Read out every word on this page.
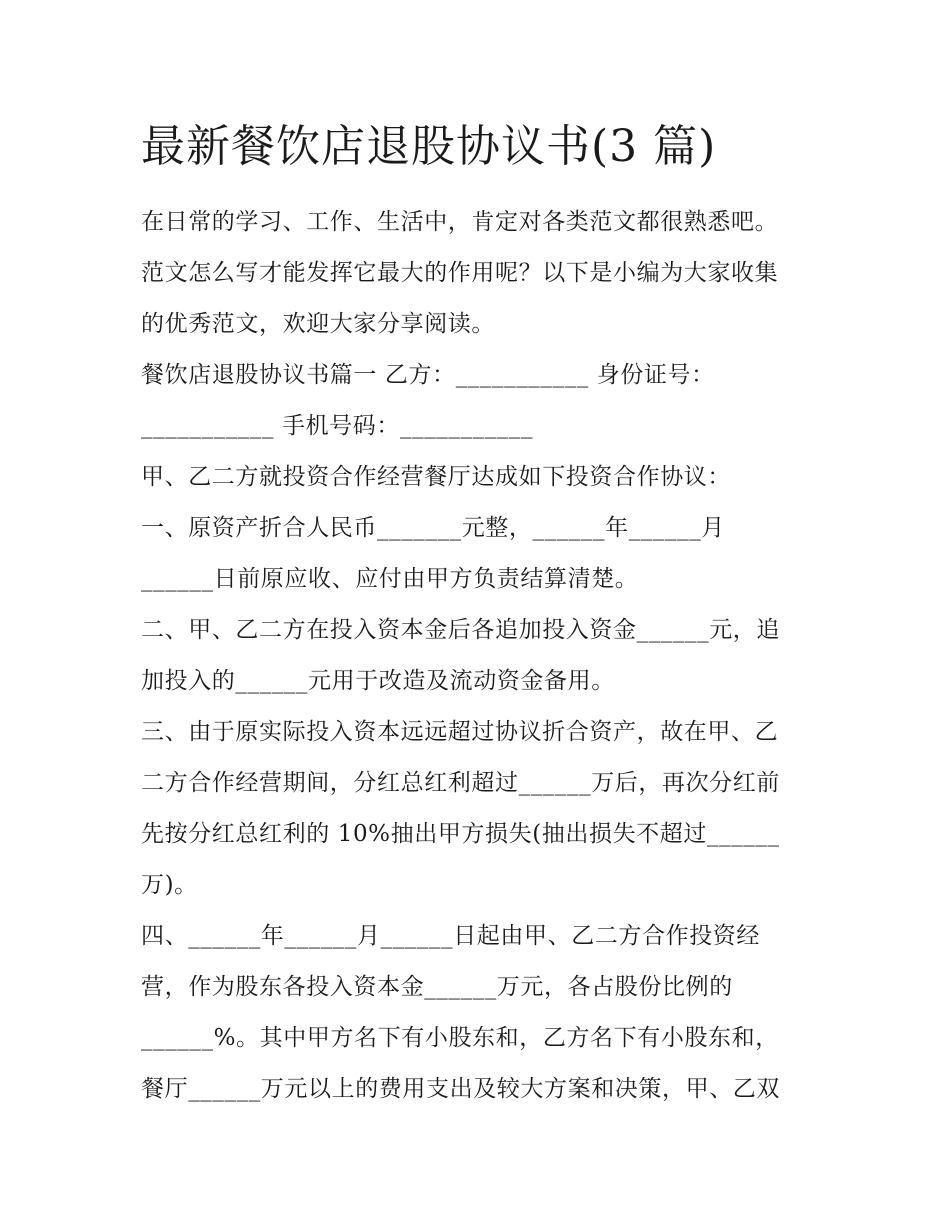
最新餐饮店退股协议书(3 篇)
在日常的学习、工作、生活中，肯定对各类范文都很熟悉吧。
范文怎么写才能发挥它最大的作用呢？以下是小编为大家收集
的优秀范文，欢迎大家分享阅读。
餐饮店退股协议书篇一 乙方：___________ 身份证号：
___________ 手机号码：___________
甲、乙二方就投资合作经营餐厅达成如下投资合作协议：
一、原资产折合人民币_______元整，______年______月
______日前原应收、应付由甲方负责结算清楚。
二、甲、乙二方在投入资本金后各追加投入资金______元，追
加投入的______元用于改造及流动资金备用。
三、由于原实际投入资本远远超过协议折合资产，故在甲、乙
二方合作经营期间，分红总红利超过______万后，再次分红前
先按分红总红利的 10%抽出甲方损失(抽出损失不超过______
万)。
四、______年______月______日起由甲、乙二方合作投资经
营，作为股东各投入资本金______万元，各占股份比例的
______%。其中甲方名下有小股东和，乙方名下有小股东和，
餐厅______万元以上的费用支出及较大方案和决策，甲、乙双
